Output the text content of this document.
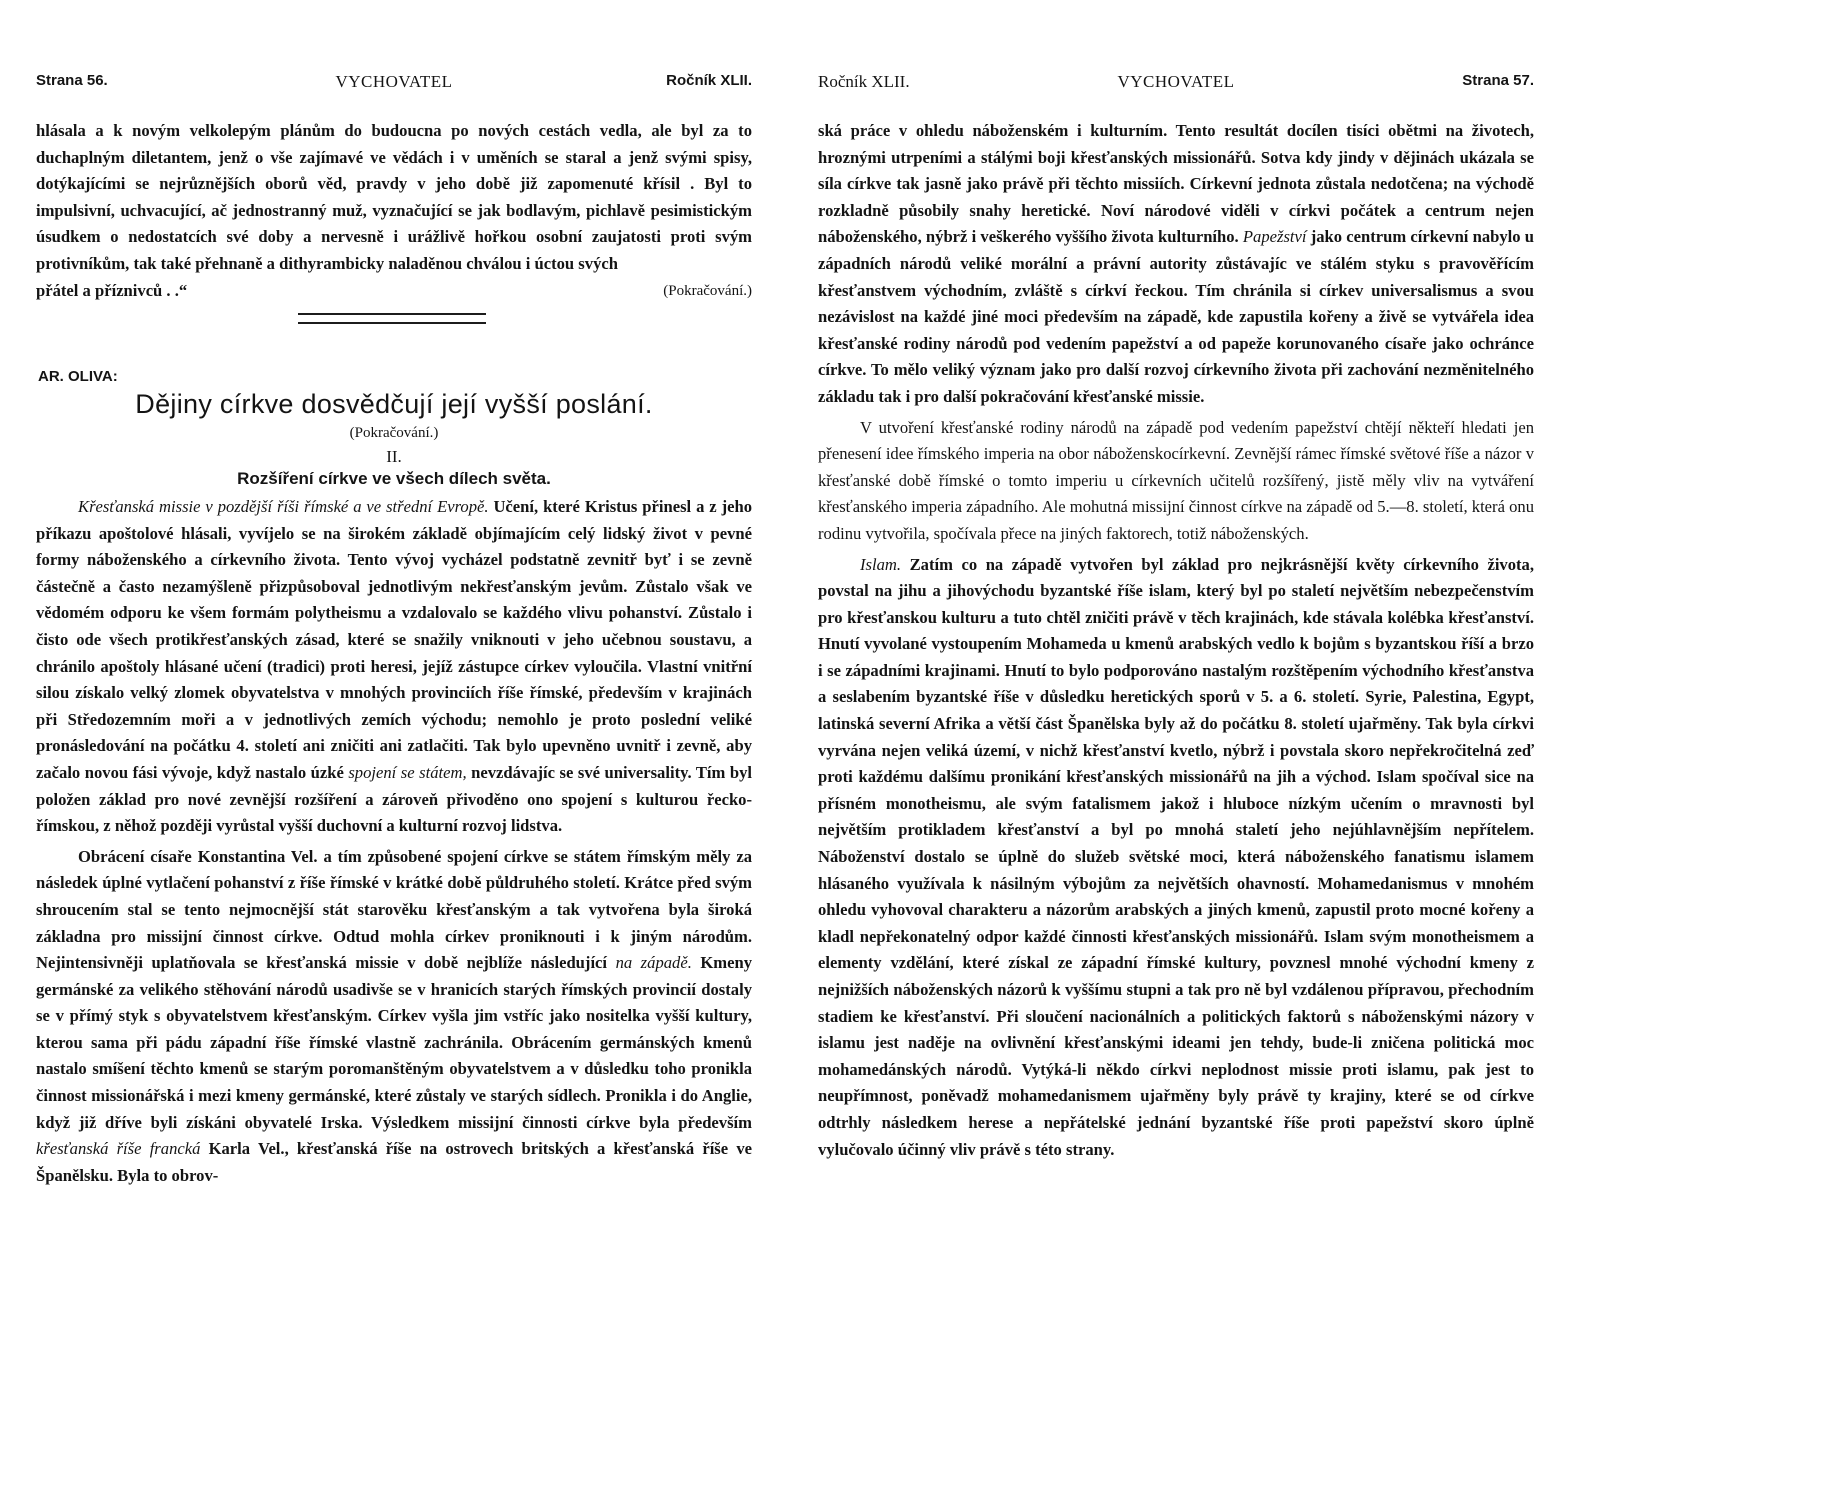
Strana 56.	VYCHOVATEL	Ročník XLII.

hlásala a k novým velkolepým plánům do budoucna po nových cestách vedla, ale byl za to duchaplným diletantem, jenž o vše zajímavé ve vědách i v uměních se staral a jenž svými spisy, dotýkajícími se nejrůznějších oborů věd, pravdy v jeho době již zapomenuté křísil . Byl to impulsivní, uchvacující, ač jednostranný muž, vyznačující se jak bodlavým, pichlavě pesimistickým úsudkem o nedostatcích své doby a nervesně i urážlivě hořkou osobní zaujatosti proti svým protivníkům, tak také přehnaně a dithyrambicky naladěnou chválou i úctou svých

přátel a příznivců . .“	(Pokračování.)
AR. OLIVA:
Dějiny církve dosvědčují její vyšší poslání.
(Pokračování.)
II.
Rozšíření církve ve všech dílech světa.

Křesťanská missie v pozdější říši římské a ve střední Evropě. Učení, které Kristus přinesl a z jeho příkazu apoštolové hlásali, vyvíjelo se na širokém základě objímajícím celý lidský život v pevné formy náboženského a církevního života. Tento vývoj vycházel podstatně zevnitř byť i se zevně částečně a často nezamýšleně přizpůsoboval jednotlivým nekřesťanským jevům. Zůstalo však ve vědomém odporu ke všem formám polytheismu a vzdalovalo se každého vlivu pohanství. Zůstalo i čisto ode všech protikřesťanských zásad, které se snažily vniknouti v jeho učebnou soustavu, a chránilo apoštoly hlásané učení (tradici) proti heresi, jejíž zástupce církev vyloučila. Vlastní vnitřní silou získalo velký zlomek obyvatelstva v mnohých provinciích říše římské, především v krajinách při Středozemním moři a v jednotlivých zemích východu; nemohlo je proto poslední veliké pronásledování na počátku 4. století ani zničiti ani zatlačiti. Tak bylo upevněno uvnitř i zevně, aby začalo novou fási vývoje, když nastalo úzké spojení se státem, nevzdávajíc se své universality. Tím byl položen základ pro nové zevnější rozšíření a zároveň přivoděno ono spojení s kulturou řecko-římskou, z něhož později vyrůstal vyšší duchovní a kulturní rozvoj lidstva.

Obrácení císaře Konstantina Vel. a tím způsobené spojení církve se státem římským měly za následek úplné vytlačení pohanství z říše římské v krátké době půldruhého století. Krátce před svým shroucením stal se tento nejmocnější stát starověku křesťanským a tak vytvořena byla široká základna pro missijní činnost církve. Odtud mohla církev proniknouti i k jiným národům. Nejintensivněji uplatňovala se křesťanská missie v době nejblíže následující na západě. Kmeny germánské za velikého stěhování národů usadivše se v hranicích starých římských provincií dostaly se v přímý styk s obyvatelstvem křesťanským. Církev vyšla jim vstříc jako nositelka vyšší kultury, kterou sama při pádu západní říše římské vlastně zachránila. Obrácením germánských kmenů nastalo smíšení těchto kmenů se starým poromanštěným obyvatelstvem a v důsledku toho pronikla činnost missionářská i mezi kmeny germánské, které zůstaly ve starých sídlech. Pronikla i do Anglie, když již dříve byli získáni obyvatelé Irska. Výsledkem missijní činnosti církve byla především křesťanská říše francká Karla Vel., křesťanská říše na ostrovech britských a křesťanská říše ve Španělsku. Byla to obrov-

Ročník XLII.	VYCHOVATEL	Strana 57.

ská práce v ohledu náboženském i kulturním. Tento resultát docílen tisíci obětmi na životech, hroznými utrpeními a stálými boji křesťanských missionářů. Sotva kdy jindy v dějinách ukázala se síla církve tak jasně jako právě při těchto missiích. Církevní jednota zůstala nedotčena; na východě rozkladně působily snahy heretické. Noví národové viděli v církvi počátek a centrum nejen náboženského, nýbrž i veškerého vyššího života kulturního. Papežství jako centrum církevní nabylo u západních národů veliké morální a právní autority zůstávajíc ve stálém styku s pravověřícím křesťanstvem východním, zvláště s církví řeckou. Tím chránila si církev universalismus a svou nezávislost na každé jiné moci především na západě, kde zapustila kořeny a živě se vytvářela idea křesťanské rodiny národů pod vedením papežství a od papeže korunovaného císaře jako ochránce církve. To mělo veliký význam jako pro další rozvoj církevního života při zachování nezměnitelného základu tak i pro další pokračování křesťanské missie.

V utvoření křesťanské rodiny národů na západě pod vedením papežství chtějí někteří hledati jen přenesení idee římského imperia na obor náboženskocírkevní. Zevnější rámec římské světové říše a názor v křesťanské době římské o tomto imperiu u církevních učitelů rozšířený, jistě měly vliv na vytváření křesťanského imperia západního. Ale mohutná missijní činnost církve na západě od 5.—8. století, která onu rodinu vytvořila, spočívala přece na jiných faktorech, totiž náboženských.

Islam. Zatím co na západě vytvořen byl základ pro nejkrásnější květy církevního života, povstal na jihu a jihovýchodu byzantské říše islam, který byl po staletí největším nebezpečenstvím pro křesťanskou kulturu a tuto chtěl zničiti právě v těch krajinách, kde stávala kolébka křesťanství. Hnutí vyvolané vystoupením Mohameda u kmenů arabských vedlo k bojům s byzantskou říší a brzo i se západními krajinami. Hnutí to bylo podporováno nastalým rozštěpením východního křesťanstva a seslabením byzantské říše v důsledku heretických sporů v 5. a 6. století. Syrie, Palestina, Egypt, latinská severní Afrika a větší část Španělska byly až do počátku 8. století ujařměny. Tak byla církvi vyrvána nejen veliká území, v nichž křesťanství kvetlo, nýbrž i povstala skoro nepřekročitelná zeď proti každému dalšímu pronikání křesťanských missionářů na jih a východ. Islam spočíval sice na přísném monotheismu, ale svým fatalismem jakož i hluboce nízkým učením o mravnosti byl největším protikladem křesťanství a byl po mnohá staletí jeho nejúhlavnějším nepřítelem. Náboženství dostalo se úplně do služeb světské moci, která náboženského fanatismu islamem hlásaného využívala k násilným výbojům za největších ohavností. Mohamedanismus v mnohém ohledu vyhovoval charakteru a názorům arabských a jiných kmenů, zapustil proto mocné kořeny a kladl nepřekonatelný odpor každé činnosti křesťanských missionářů. Islam svým monotheismem a elementy vzdělání, které získal ze západní římské kultury, povznesl mnohé východní kmeny z nejnižších náboženských názorů k vyššímu stupni a tak pro ně byl vzdálenou přípravou, přechodním stadiem ke křesťanství. Při sloučení nacionálních a politických faktorů s náboženskými názory v islamu jest naděje na ovlivnění křesťanskými ideami jen tehdy, bude-li zničena politická moc mohamedánských národů. Vytýká-li někdo církvi neplodnost missie proti islamu, pak jest to neupřímnost, poněvadž mohamedanismem ujařměny byly právě ty krajiny, které se od církve odtrhly následkem herese a nepřátelské jednání byzantské říše proti papežství skoro úplně vylučovalo účinný vliv právě s této strany.
